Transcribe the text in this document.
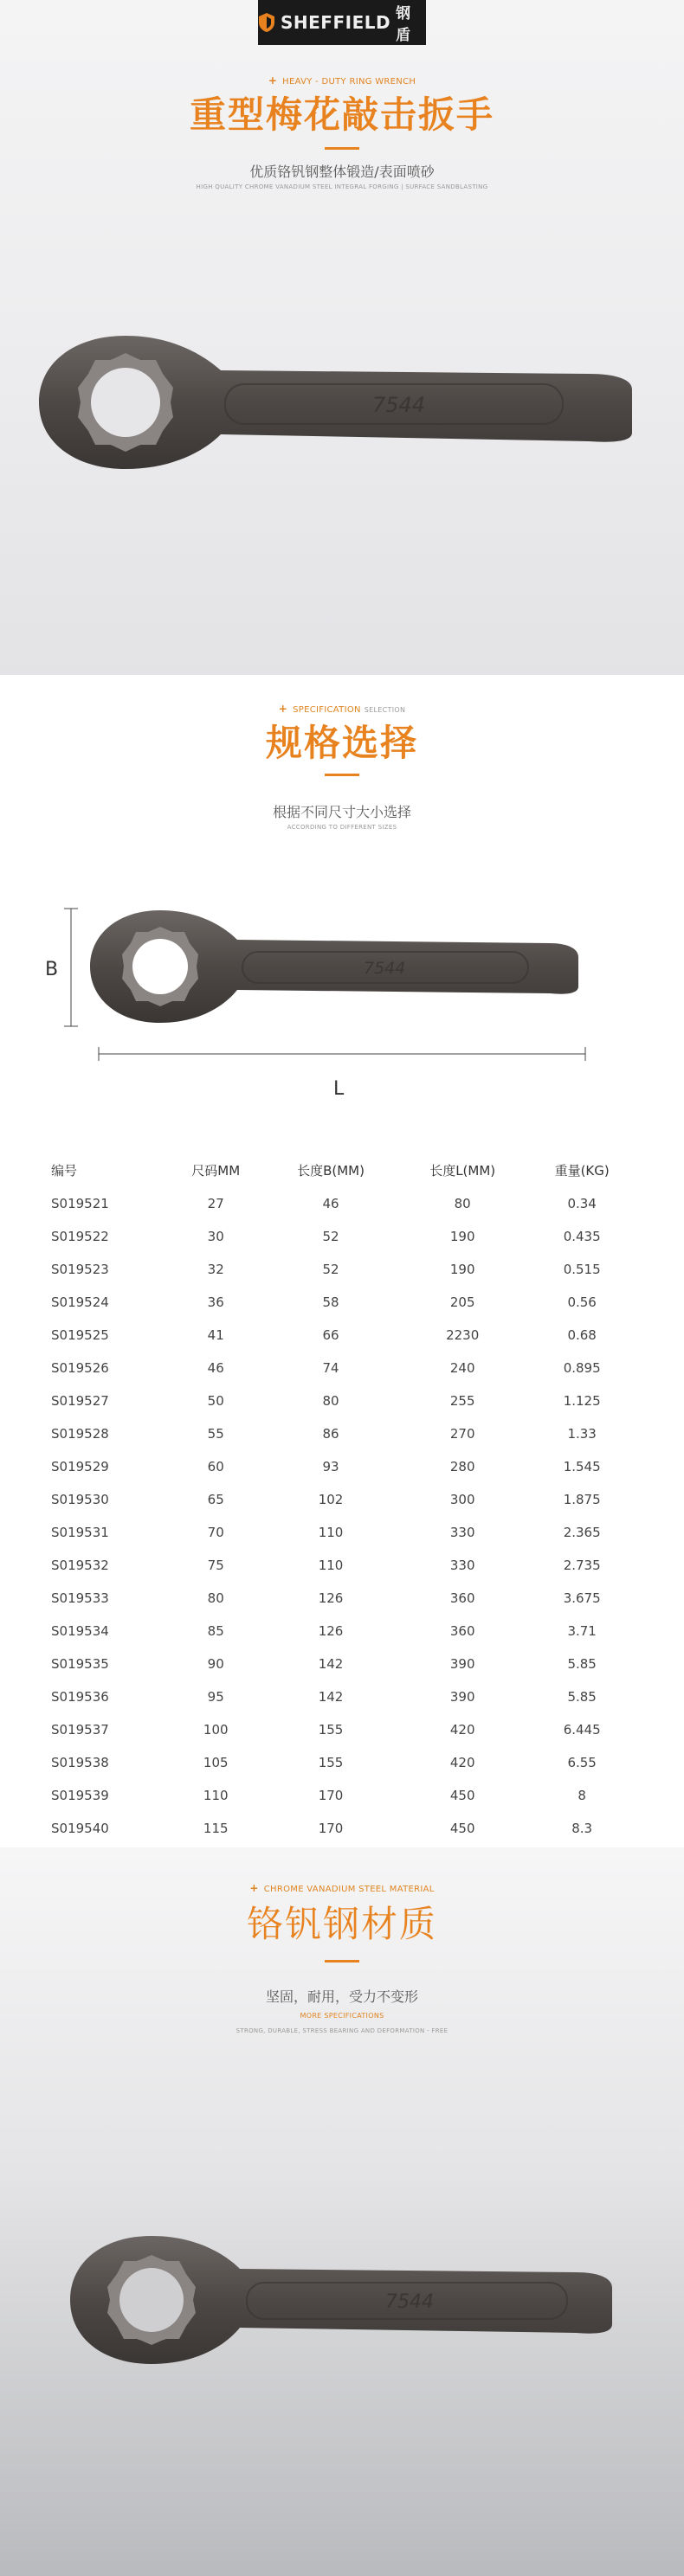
SHEFFIELD 钢盾
+ HEAVY - DUTY RING WRENCH
重型梅花敲击扳手
优质铬钒钢整体锻造/表面喷砂
HIGH QUALITY CHROME VANADIUM STEEL INTEGRAL FORGING | SURFACE SANDBLASTING
7544
+ SPECIFICATION SELECTION
规格选择
根据不同尺寸大小选择
ACCORDING TO DIFFERENT SIZES
B	7544
L
编号	尺码MM	长度B(MM)	长度L(MM)	重量(KG)
S019521	27	46	80	0.34
S019522	30	52	190	0.435
S019523	32	52	190	0.515
S019524	36	58	205	0.56
S019525	41	66	2230	0.68
S019526	46	74	240	0.895
S019527	50	80	255	1.125
S019528	55	86	270	1.33
S019529	60	93	280	1.545
S019530	65	102	300	1.875
S019531	70	110	330	2.365
S019532	75	110	330	2.735
S019533	80	126	360	3.675
S019534	85	126	360	3.71
S019535	90	142	390	5.85
S019536	95	142	390	5.85
S019537	100	155	420	6.445
S019538	105	155	420	6.55
S019539	110	170	450	8
S019540	115	170	450	8.3

+ CHROME VANADIUM STEEL MATERIAL
铬钒钢材质
坚固，耐用，受力不变形
MORE SPECIFICATIONS
STRONG, DURABLE, STRESS BEARING AND DEFORMATION - FREE
7544
